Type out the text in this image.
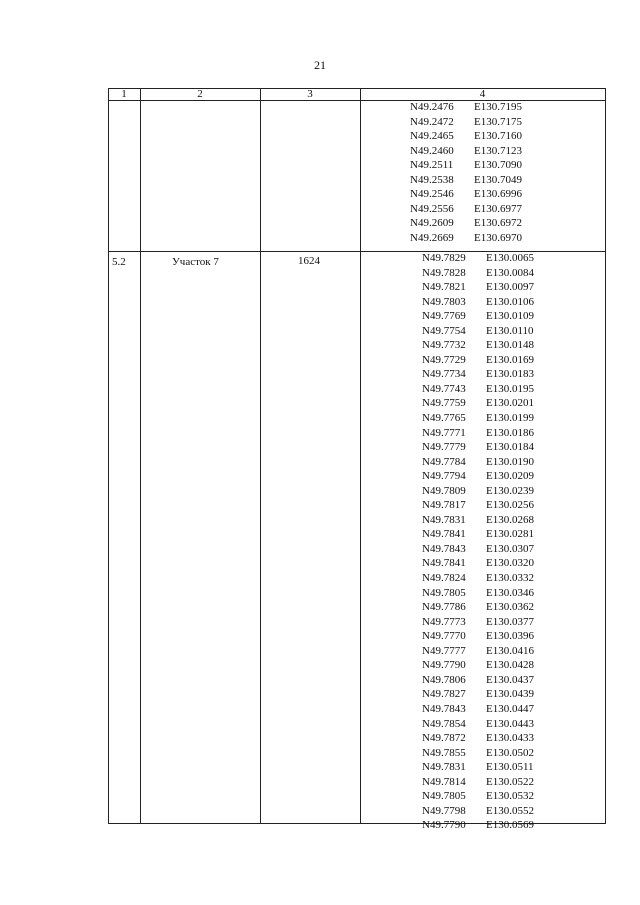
21
1	2	3	4
N49.2476 E130.7195
N49.2472 E130.7175
N49.2465 E130.7160
N49.2460 E130.7123
N49.2511 E130.7090
N49.2538 E130.7049
N49.2546 E130.6996
N49.2556 E130.6977
N49.2609 E130.6972
N49.2669 E130.6970
5.2	Участок 7	1624	N49.7829 E130.0065
N49.7828 E130.0084
N49.7821 E130.0097
N49.7803 E130.0106
N49.7769 E130.0109
N49.7754 E130.0110
N49.7732 E130.0148
N49.7729 E130.0169
N49.7734 E130.0183
N49.7743 E130.0195
N49.7759 E130.0201
N49.7765 E130.0199
N49.7771 E130.0186
N49.7779 E130.0184
N49.7784 E130.0190
N49.7794 E130.0209
N49.7809 E130.0239
N49.7817 E130.0256
N49.7831 E130.0268
N49.7841 E130.0281
N49.7843 E130.0307
N49.7841 E130.0320
N49.7824 E130.0332
N49.7805 E130.0346
N49.7786 E130.0362
N49.7773 E130.0377
N49.7770 E130.0396
N49.7777 E130.0416
N49.7790 E130.0428
N49.7806 E130.0437
N49.7827 E130.0439
N49.7843 E130.0447
N49.7854 E130.0443
N49.7872 E130.0433
N49.7855 E130.0502
N49.7831 E130.0511
N49.7814 E130.0522
N49.7805 E130.0532
N49.7798 E130.0552
N49.7790 E130.0569
